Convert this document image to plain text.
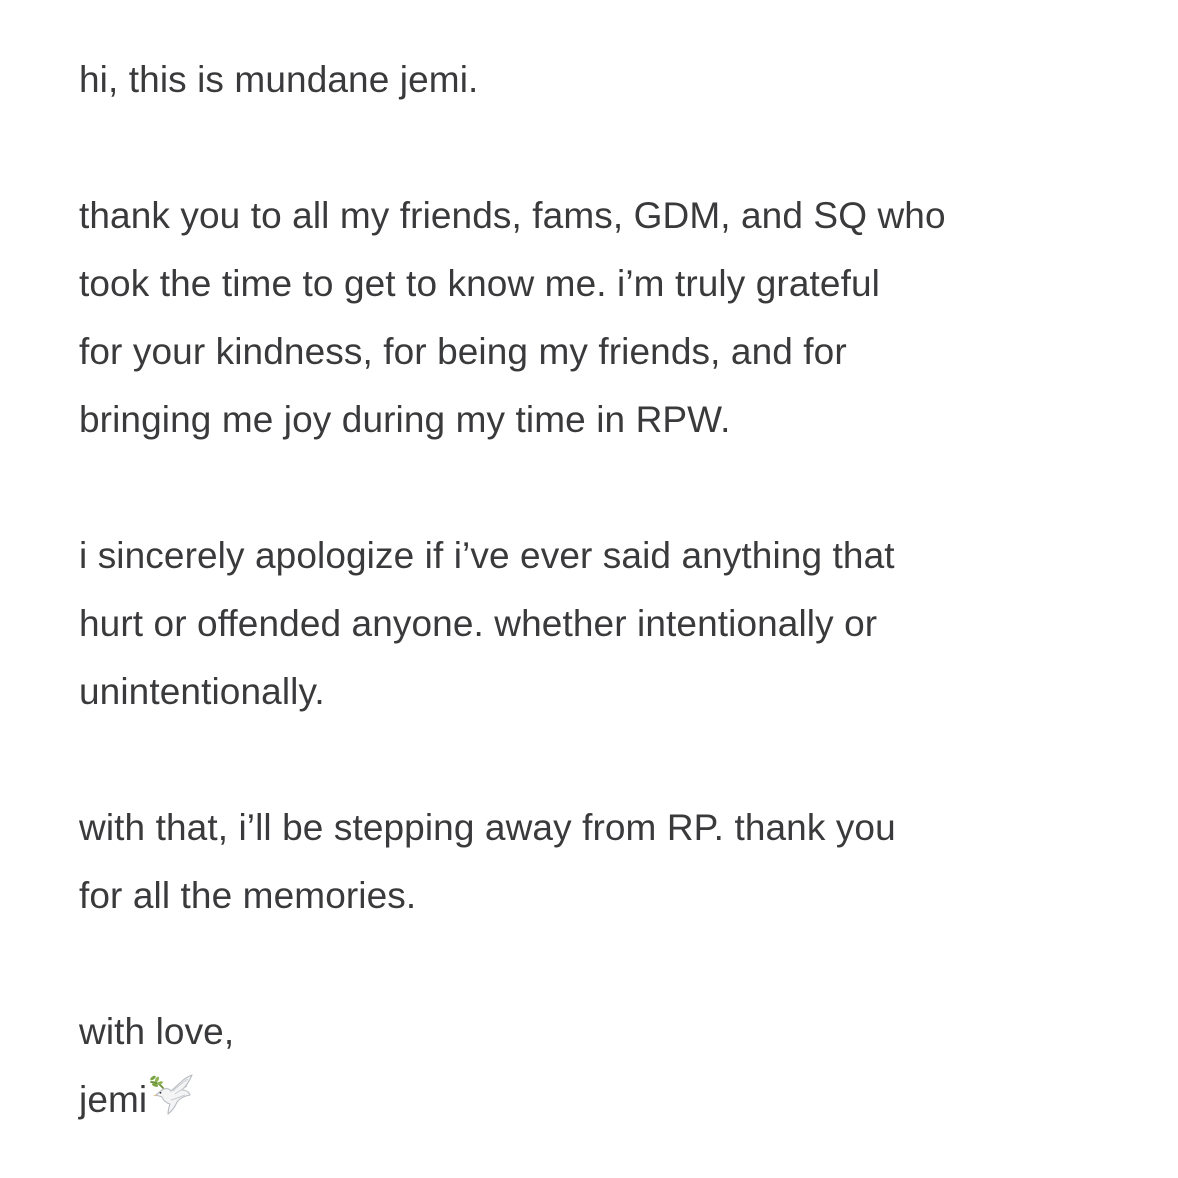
hi, this is mundane jemi.
thank you to all my friends, fams, GDM, and SQ who
took the time to get to know me. i’m truly grateful
for your kindness, for being my friends, and for
bringing me joy during my time in RPW.
i sincerely apologize if i’ve ever said anything that
hurt or offended anyone. whether intentionally or
unintentionally.
with that, i’ll be stepping away from RP. thank you
for all the memories.
with love,
jemi
